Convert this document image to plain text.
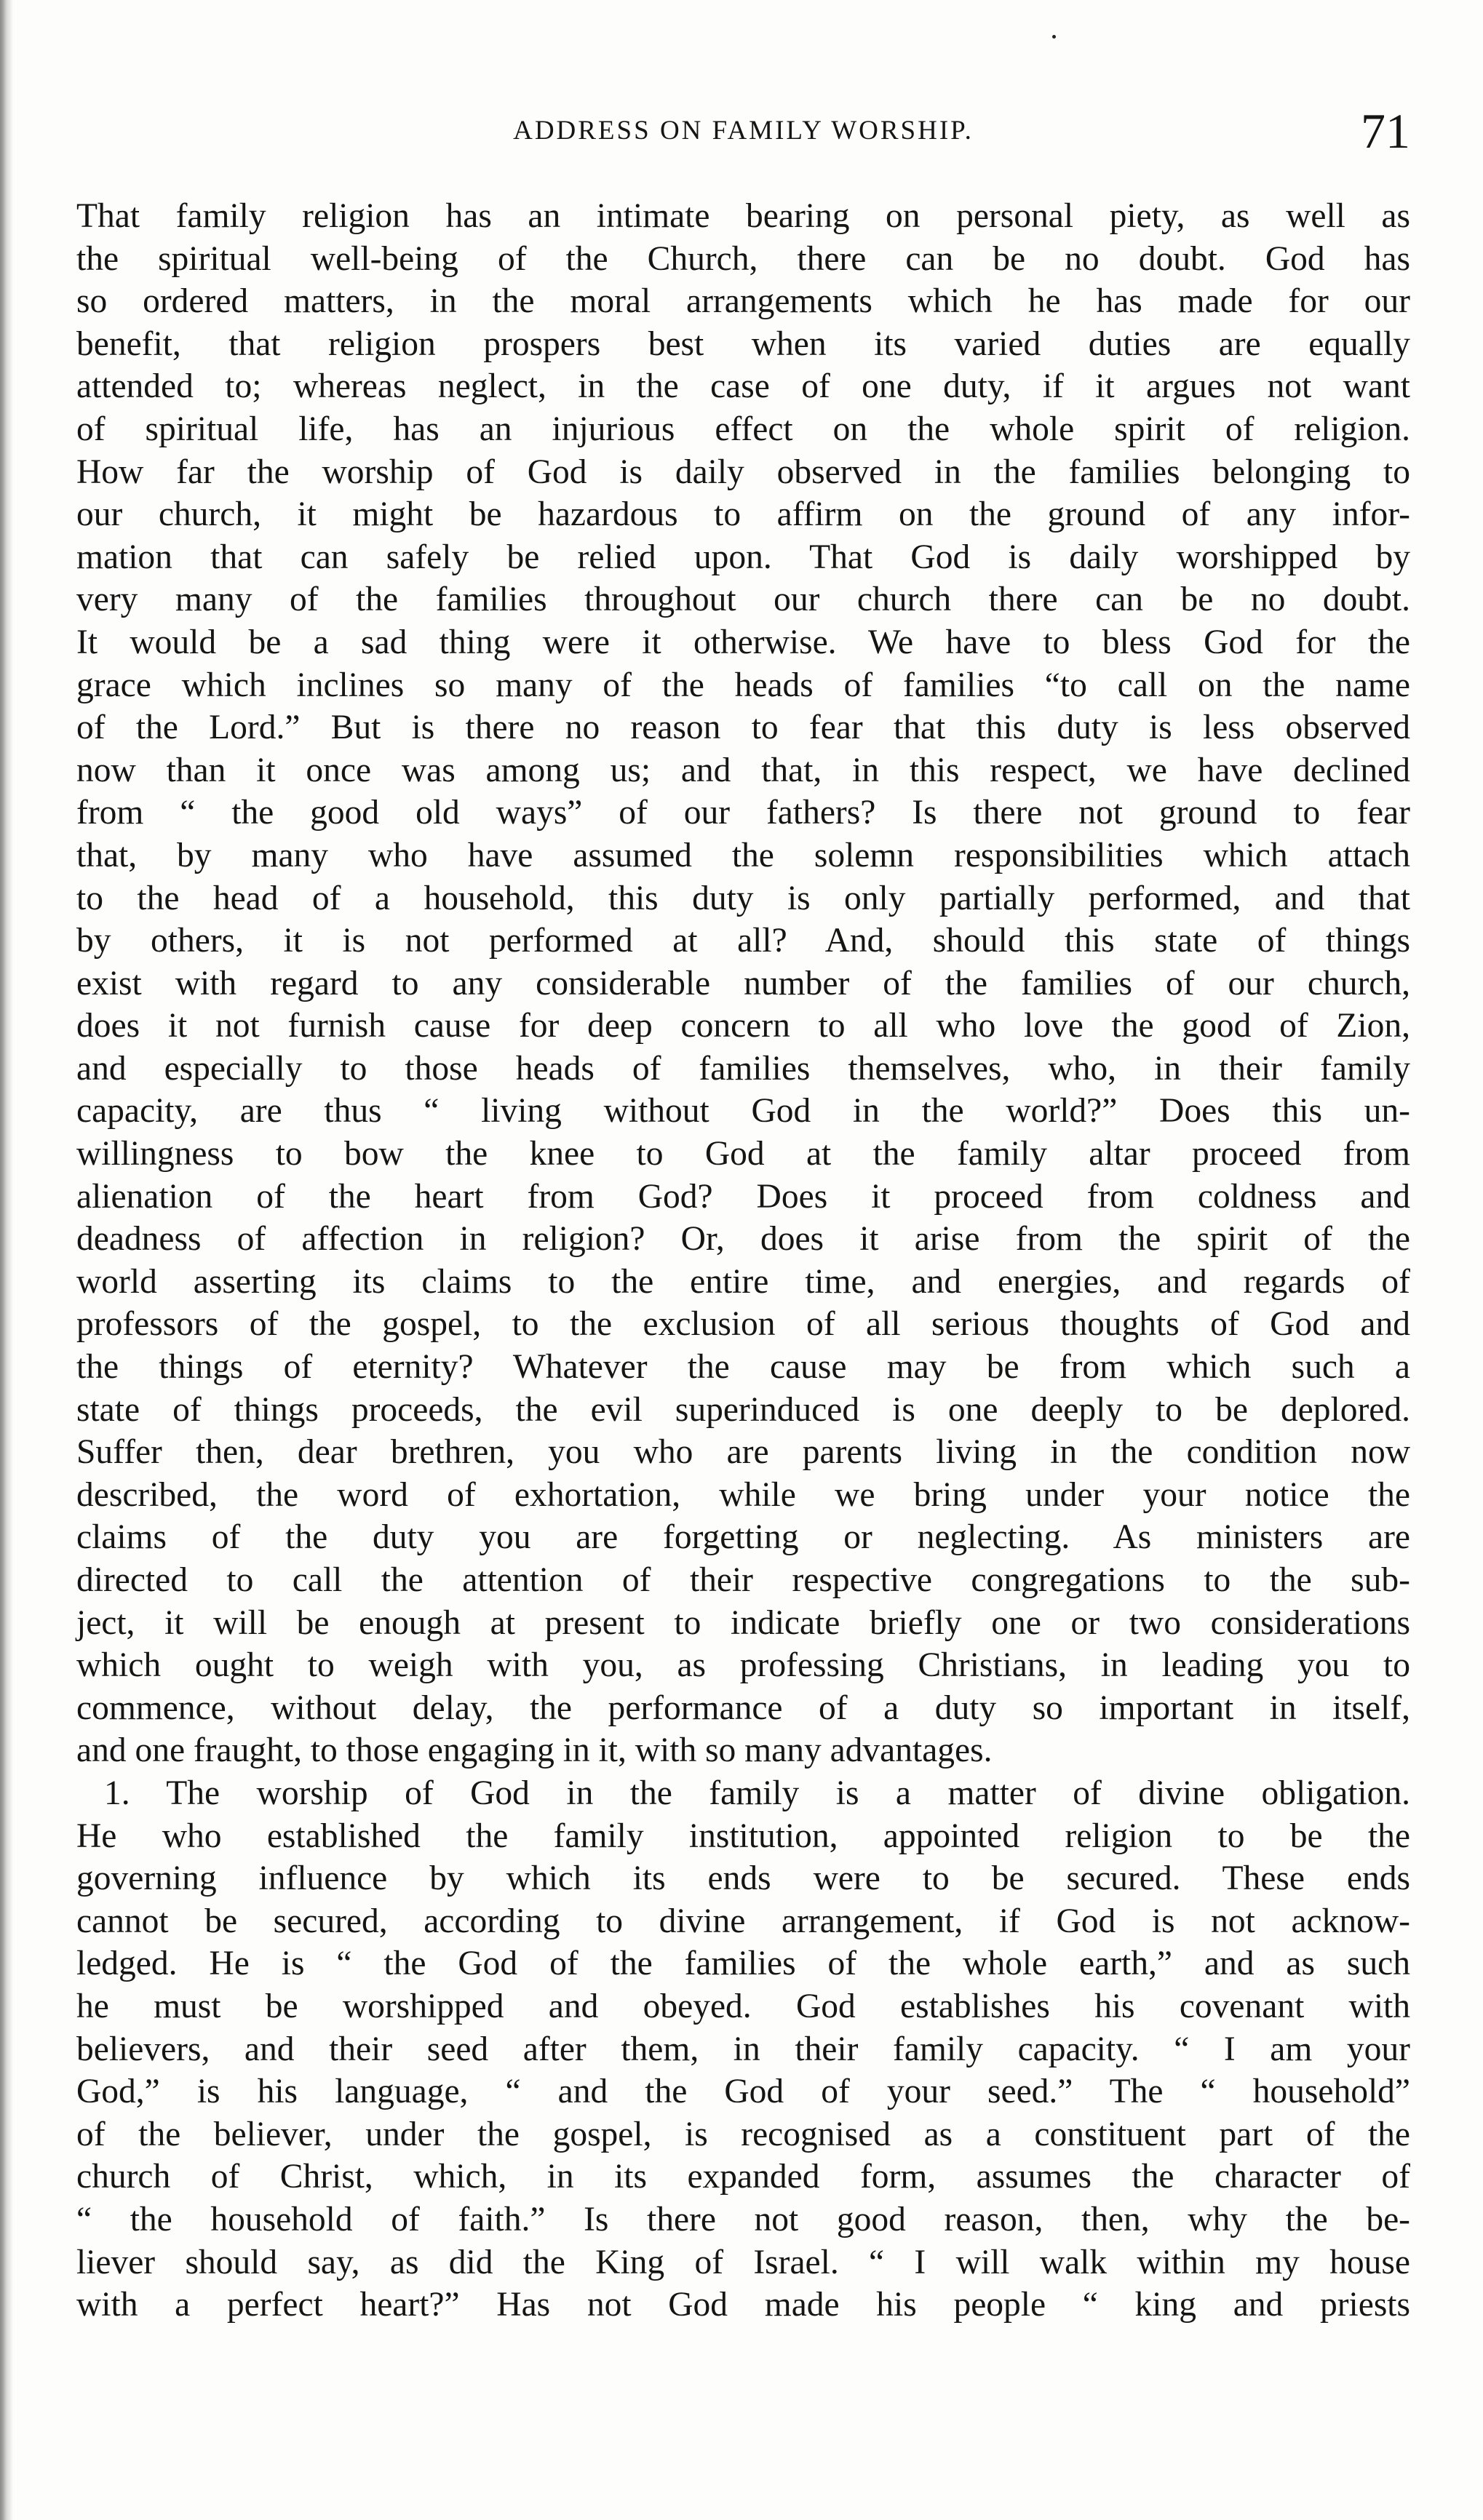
ADDRESS ON FAMILY WORSHIP.	71
That family religion has an intimate bearing on personal piety, as well as
the spiritual well-being of the Church, there can be no doubt. God has
so ordered matters, in the moral arrangements which he has made for our
benefit, that religion prospers best when its varied duties are equally
attended to; whereas neglect, in the case of one duty, if it argues not want
of spiritual life, has an injurious effect on the whole spirit of religion.
How far the worship of God is daily observed in the families belonging to
our church, it might be hazardous to affirm on the ground of any infor-
mation that can safely be relied upon. That God is daily worshipped by
very many of the families throughout our church there can be no doubt.
It would be a sad thing were it otherwise. We have to bless God for the
grace which inclines so many of the heads of families “to call on the name
of the Lord.” But is there no reason to fear that this duty is less observed
now than it once was among us; and that, in this respect, we have declined
from “ the good old ways” of our fathers? Is there not ground to fear
that, by many who have assumed the solemn responsibilities which attach
to the head of a household, this duty is only partially performed, and that
by others, it is not performed at all? And, should this state of things
exist with regard to any considerable number of the families of our church,
does it not furnish cause for deep concern to all who love the good of Zion,
and especially to those heads of families themselves, who, in their family
capacity, are thus “ living without God in the world?” Does this un-
willingness to bow the knee to God at the family altar proceed from
alienation of the heart from God? Does it proceed from coldness and
deadness of affection in religion? Or, does it arise from the spirit of the
world asserting its claims to the entire time, and energies, and regards of
professors of the gospel, to the exclusion of all serious thoughts of God and
the things of eternity? Whatever the cause may be from which such a
state of things proceeds, the evil superinduced is one deeply to be deplored.
Suffer then, dear brethren, you who are parents living in the condition now
described, the word of exhortation, while we bring under your notice the
claims of the duty you are forgetting or neglecting. As ministers are
directed to call the attention of their respective congregations to the sub-
ject, it will be enough at present to indicate briefly one or two considerations
which ought to weigh with you, as professing Christians, in leading you to
commence, without delay, the performance of a duty so important in itself,
and one fraught, to those engaging in it, with so many advantages.
1. The worship of God in the family is a matter of divine obligation.
He who established the family institution, appointed religion to be the
governing influence by which its ends were to be secured. These ends
cannot be secured, according to divine arrangement, if God is not acknow-
ledged. He is “ the God of the families of the whole earth,” and as such
he must be worshipped and obeyed. God establishes his covenant with
believers, and their seed after them, in their family capacity. “ I am your
God,” is his language, “ and the God of your seed.” The “ household”
of the believer, under the gospel, is recognised as a constituent part of the
church of Christ, which, in its expanded form, assumes the character of
“ the household of faith.” Is there not good reason, then, why the be-
liever should say, as did the King of Israel. “ I will walk within my house
with a perfect heart?” Has not God made his people “ king and priests
